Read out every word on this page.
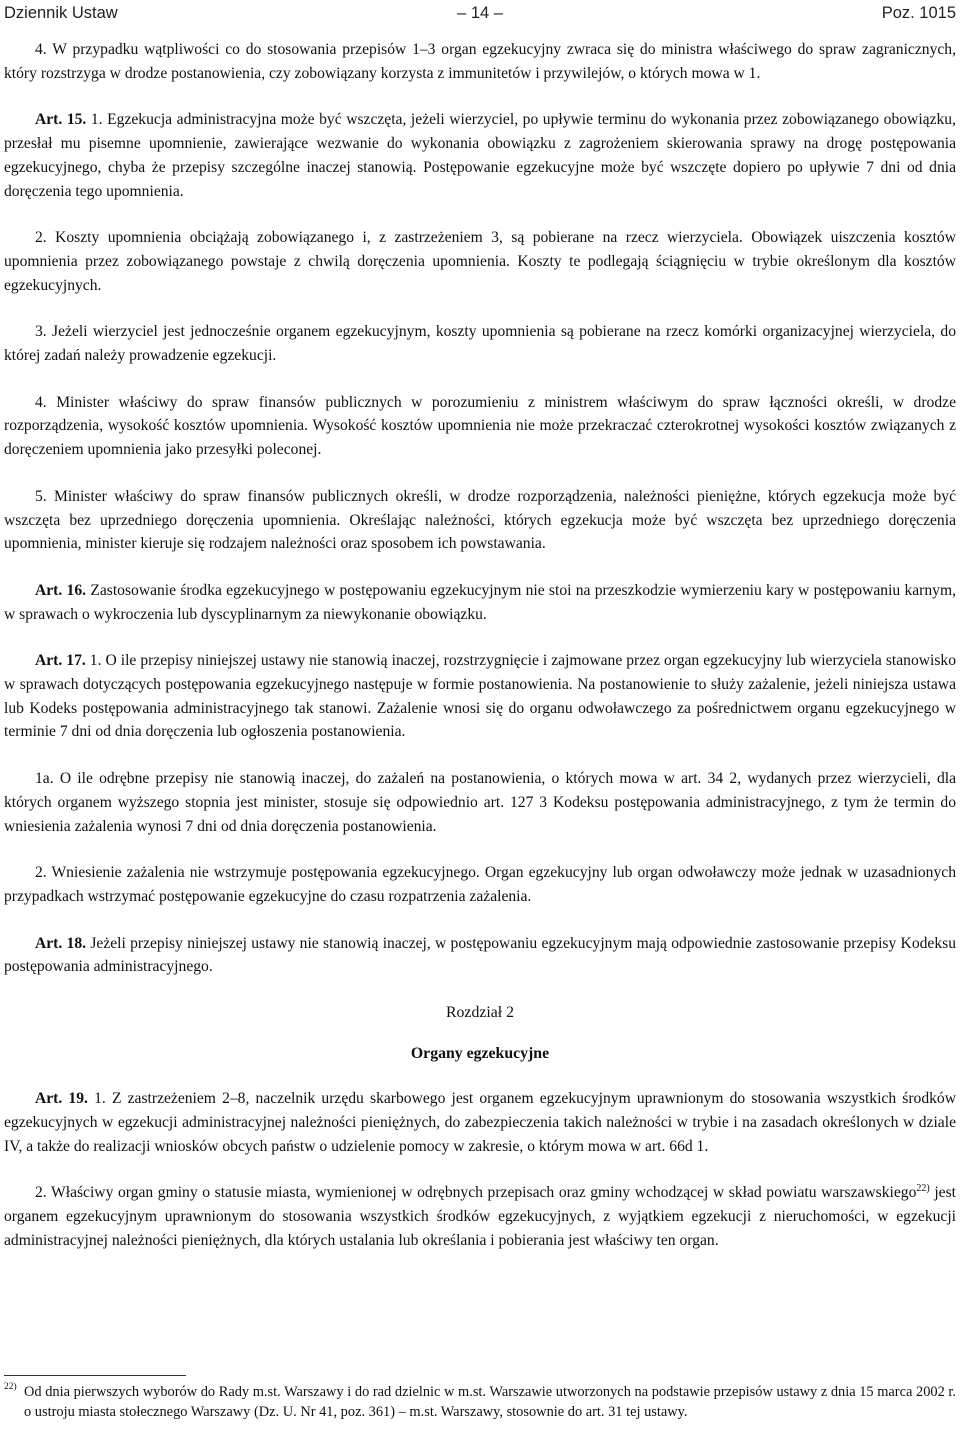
Dziennik Ustaw	– 14 –	Poz. 1015

4. W przypadku wątpliwości co do stosowania przepisów 1–3 organ egzekucyjny zwraca się do ministra właściwego do spraw zagranicznych, który rozstrzyga w drodze postanowienia, czy zobowiązany korzysta z immunitetów i przywilejów, o których mowa w 1.

Art. 15. 1. Egzekucja administracyjna może być wszczęta, jeżeli wierzyciel, po upływie terminu do wykonania przez zobowiązanego obowiązku, przesłał mu pisemne upomnienie, zawierające wezwanie do wykonania obowiązku z zagrożeniem skierowania sprawy na drogę postępowania egzekucyjnego, chyba że przepisy szczególne inaczej stanowią. Postępowanie egzekucyjne może być wszczęte dopiero po upływie 7 dni od dnia doręczenia tego upomnienia.

2. Koszty upomnienia obciążają zobowiązanego i, z zastrzeżeniem 3, są pobierane na rzecz wierzyciela. Obowiązek uiszczenia kosztów upomnienia przez zobowiązanego powstaje z chwilą doręczenia upomnienia. Koszty te podlegają ściągnięciu w trybie określonym dla kosztów egzekucyjnych.

3. Jeżeli wierzyciel jest jednocześnie organem egzekucyjnym, koszty upomnienia są pobierane na rzecz komórki organizacyjnej wierzyciela, do której zadań należy prowadzenie egzekucji.

4. Minister właściwy do spraw finansów publicznych w porozumieniu z ministrem właściwym do spraw łączności określi, w drodze rozporządzenia, wysokość kosztów upomnienia. Wysokość kosztów upomnienia nie może przekraczać czterokrotnej wysokości kosztów związanych z doręczeniem upomnienia jako przesyłki poleconej.

5. Minister właściwy do spraw finansów publicznych określi, w drodze rozporządzenia, należności pieniężne, których egzekucja może być wszczęta bez uprzedniego doręczenia upomnienia. Określając należności, których egzekucja może być wszczęta bez uprzedniego doręczenia upomnienia, minister kieruje się rodzajem należności oraz sposobem ich powstawania.

Art. 16. Zastosowanie środka egzekucyjnego w postępowaniu egzekucyjnym nie stoi na przeszkodzie wymierzeniu kary w postępowaniu karnym, w sprawach o wykroczenia lub dyscyplinarnym za niewykonanie obowiązku.

Art. 17. 1. O ile przepisy niniejszej ustawy nie stanowią inaczej, rozstrzygnięcie i zajmowane przez organ egzekucyjny lub wierzyciela stanowisko w sprawach dotyczących postępowania egzekucyjnego następuje w formie postanowienia. Na postanowienie to służy zażalenie, jeżeli niniejsza ustawa lub Kodeks postępowania administracyjnego tak stanowi. Zażalenie wnosi się do organu odwoławczego za pośrednictwem organu egzekucyjnego w terminie 7 dni od dnia doręczenia lub ogłoszenia postanowienia.

1a. O ile odrębne przepisy nie stanowią inaczej, do zażaleń na postanowienia, o których mowa w art. 34 2, wydanych przez wierzycieli, dla których organem wyższego stopnia jest minister, stosuje się odpowiednio art. 127 3 Kodeksu postępowania administracyjnego, z tym że termin do wniesienia zażalenia wynosi 7 dni od dnia doręczenia postanowienia.

2. Wniesienie zażalenia nie wstrzymuje postępowania egzekucyjnego. Organ egzekucyjny lub organ odwoławczy może jednak w uzasadnionych przypadkach wstrzymać postępowanie egzekucyjne do czasu rozpatrzenia zażalenia.

Art. 18. Jeżeli przepisy niniejszej ustawy nie stanowią inaczej, w postępowaniu egzekucyjnym mają odpowiednie zastosowanie przepisy Kodeksu postępowania administracyjnego.

Rozdział 2

Organy egzekucyjne

Art. 19. 1. Z zastrzeżeniem 2–8, naczelnik urzędu skarbowego jest organem egzekucyjnym uprawnionym do stosowania wszystkich środków egzekucyjnych w egzekucji administracyjnej należności pieniężnych, do zabezpieczenia takich należności w trybie i na zasadach określonych w dziale IV, a także do realizacji wniosków obcych państw o udzielenie pomocy w zakresie, o którym mowa w art. 66d 1.

2. Właściwy organ gminy o statusie miasta, wymienionej w odrębnych przepisach oraz gminy wchodzącej w skład powiatu warszawskiego$^{22)}$ jest organem egzekucyjnym uprawnionym do stosowania wszystkich środków egzekucyjnych, z wyjątkiem egzekucji z nieruchomości, w egzekucji administracyjnej należności pieniężnych, dla których ustalania lub określania i pobierania jest właściwy ten organ.

22) Od dnia pierwszych wyborów do Rady m.st. Warszawy i do rad dzielnic w m.st. Warszawie utworzonych na podstawie przepisów ustawy z dnia 15 marca 2002 r. o ustroju miasta stołecznego Warszawy (Dz. U. Nr 41, poz. 361) – m.st. Warszawy, stosownie do art. 31 tej ustawy.
